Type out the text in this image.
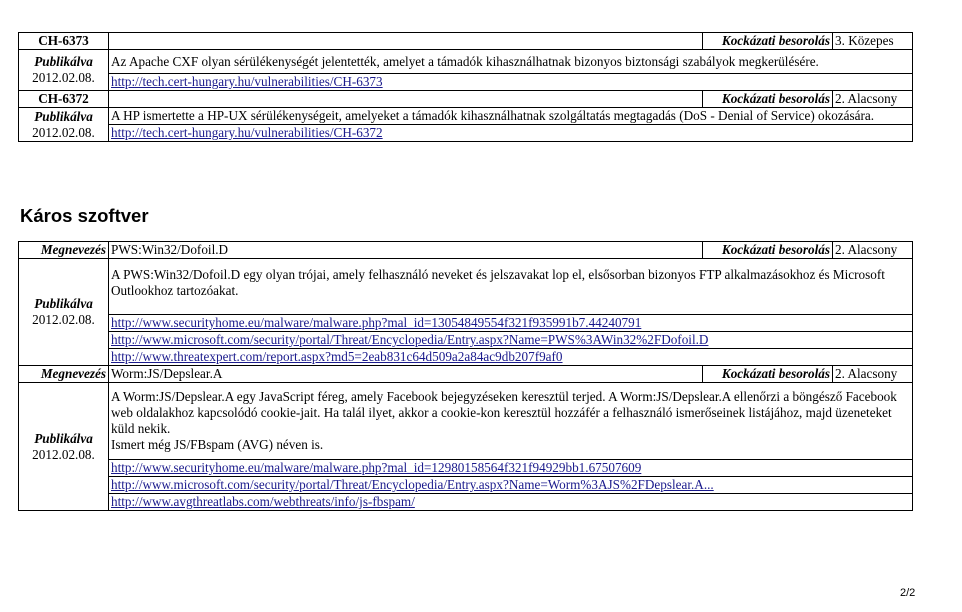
CH-6373		Kockázati besorolás	3. Közepes
Publikálva
2012.02.08.	Az Apache CXF olyan sérülékenységét jelentették, amelyet a támadók kihasználhatnak bizonyos biztonsági szabályok megkerülésére.		
	http://tech.cert-hungary.hu/vulnerabilities/CH-6373		
CH-6372		Kockázati besorolás	2. Alacsony
Publikálva
2012.02.08.	A HP ismertette a HP-UX sérülékenységeit, amelyeket a támadók kihasználhatnak szolgáltatás megtagadás (DoS - Denial of Service) okozására.		
	http://tech.cert-hungary.hu/vulnerabilities/CH-6372		
Káros szoftver
Megnevezés	PWS:Win32/Dofoil.D	Kockázati besorolás	2. Alacsony
Publikálva
2012.02.08.	A PWS:Win32/Dofoil.D egy olyan trójai, amely felhasználó neveket és jelszavakat lop el, elsősorban bizonyos FTP alkalmazásokhoz és Microsoft Outlookhoz tartozóakat.		
	http://www.securityhome.eu/malware/malware.php?mal_id=13054849554f321f935991b7.44240791		
	http://www.microsoft.com/security/portal/Threat/Encyclopedia/Entry.aspx?Name=PWS%3AWin32%2FDofoil.D		
	http://www.threatexpert.com/report.aspx?md5=2eab831c64d509a2a84ac9db207f9af0		
Megnevezés	Worm:JS/Depslear.A	Kockázati besorolás	2. Alacsony
Publikálva
2012.02.08.	A Worm:JS/Depslear.A egy JavaScript féreg, amely Facebook bejegyzéseken keresztül terjed. A Worm:JS/Depslear.A ellenőrzi a böngésző Facebook web oldalakhoz kapcsolódó cookie-jait. Ha talál ilyet, akkor a cookie-kon keresztül hozzáfér a felhasználó ismerőseinek listájához, majd üzeneteket küld nekik.
Ismert még JS/FBspam (AVG) néven is.		
	http://www.securityhome.eu/malware/malware.php?mal_id=12980158564f321f94929bb1.67507609		
	http://www.microsoft.com/security/portal/Threat/Encyclopedia/Entry.aspx?Name=Worm%3AJS%2FDepslear.A...		
	http://www.avgthreatlabs.com/webthreats/info/js-fbspam/		
2/2
